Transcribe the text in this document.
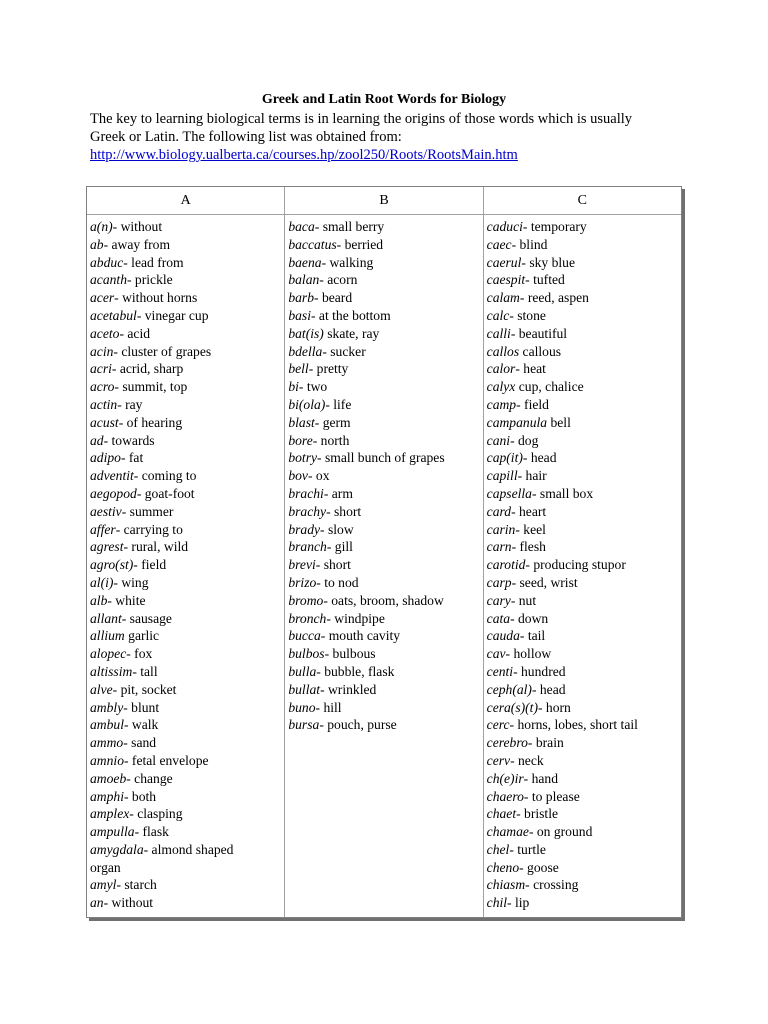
Greek and Latin Root Words for Biology
The key to learning biological terms is in learning the origins of those words which is usually
Greek or Latin. The following list was obtained from:
http://www.biology.ualberta.ca/courses.hp/zool250/Roots/RootsMain.htm
A	B	C
a(n)- without
ab- away from
abduc- lead from
acanth- prickle
acer- without horns
acetabul- vinegar cup
aceto- acid
acin- cluster of grapes
acri- acrid, sharp
acro- summit, top
actin- ray
acust- of hearing
ad- towards
adipo- fat
adventit- coming to
aegopod- goat-foot
aestiv- summer
affer- carrying to
agrest- rural, wild
agro(st)- field
al(i)- wing
alb- white
allant- sausage
allium garlic
alopec- fox
altissim- tall
alve- pit, socket
ambly- blunt
ambul- walk
ammo- sand
amnio- fetal envelope
amoeb- change
amphi- both
amplex- clasping
ampulla- flask
amygdala- almond shaped
organ
amyl- starch
an- without
baca- small berry
baccatus- berried
baena- walking
balan- acorn
barb- beard
basi- at the bottom
bat(is) skate, ray
bdella- sucker
bell- pretty
bi- two
bi(ola)- life
blast- germ
bore- north
botry- small bunch of grapes
bov- ox
brachi- arm
brachy- short
brady- slow
branch- gill
brevi- short
brizo- to nod
bromo- oats, broom, shadow
bronch- windpipe
bucca- mouth cavity
bulbos- bulbous
bulla- bubble, flask
bullat- wrinkled
buno- hill
bursa- pouch, purse
caduci- temporary
caec- blind
caerul- sky blue
caespit- tufted
calam- reed, aspen
calc- stone
calli- beautiful
callos callous
calor- heat
calyx cup, chalice
camp- field
campanula bell
cani- dog
cap(it)- head
capill- hair
capsella- small box
card- heart
carin- keel
carn- flesh
carotid- producing stupor
carp- seed, wrist
cary- nut
cata- down
cauda- tail
cav- hollow
centi- hundred
ceph(al)- head
cera(s)(t)- horn
cerc- horns, lobes, short tail
cerebro- brain
cerv- neck
ch(e)ir- hand
chaero- to please
chaet- bristle
chamae- on ground
chel- turtle
cheno- goose
chiasm- crossing
chil- lip
